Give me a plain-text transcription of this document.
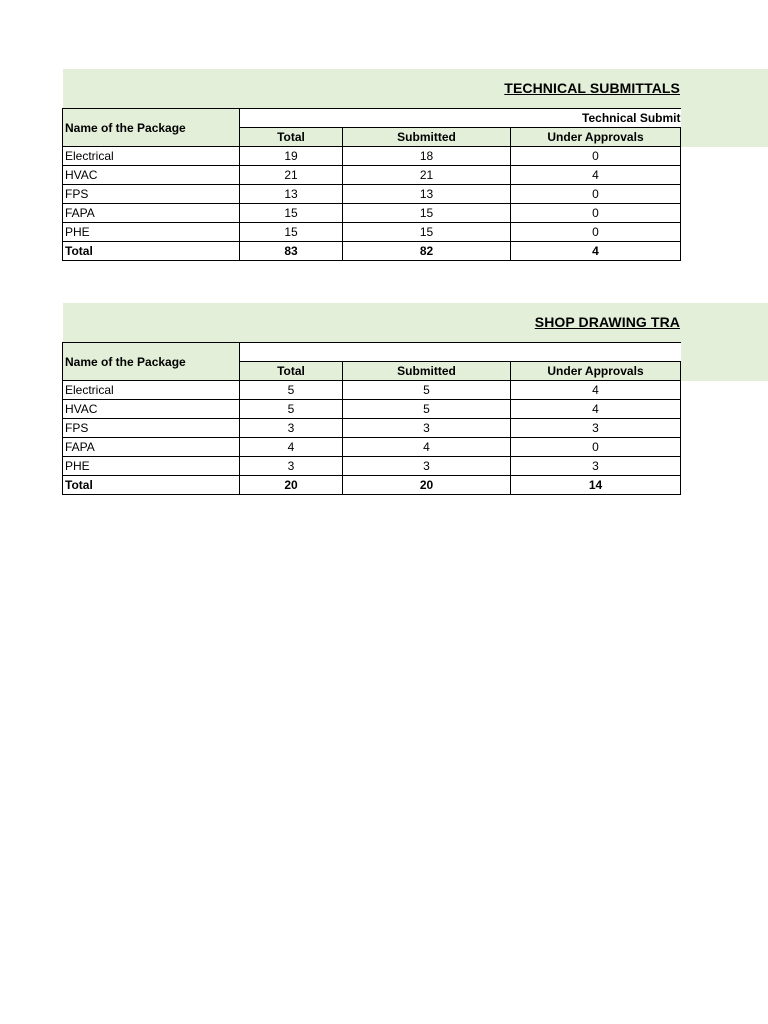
TECHNICAL SUBMITTALS
Name of the Package	Technical Submit		
	Total	Submitted	Under Approvals
Electrical	19	18	0
HVAC	21	21	4
FPS	13	13	0
FAPA	15	15	0
PHE	15	15	0
Total	83	82	4
SHOP DRAWING TRA
Name of the Package			
	Total	Submitted	Under Approvals
Electrical	5	5	4
HVAC	5	5	4
FPS	3	3	3
FAPA	4	4	0
PHE	3	3	3
Total	20	20	14
